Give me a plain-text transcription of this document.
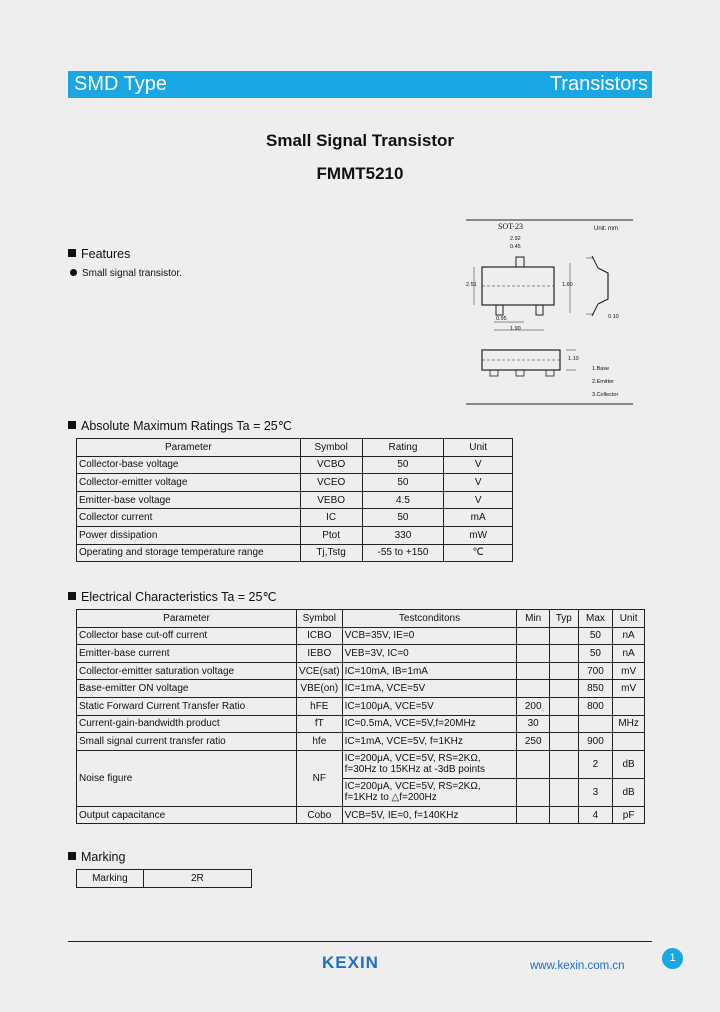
SMD Type	Transistors
Small Signal Transistor
FMMT5210
Features
Small signal transistor.
SOT-23	Unit: mm
2.92
0.45
2.51	1.60
0.95
1.90
1.10
0.10
1.Base
2.Emitter
3.Collector
Absolute Maximum Ratings Ta = 25℃
Parameter	Symbol	Rating	Unit
Collector-base voltage	VCBO	50	V
Collector-emitter voltage	VCEO	50	V
Emitter-base voltage	VEBO	4.5	V
Collector current	IC	50	mA
Power dissipation	Ptot	330	mW
Operating and storage temperature range	Tj,Tstg	-55 to +150	℃
Electrical Characteristics Ta = 25℃
Parameter	Symbol	Testconditons	Min	Typ	Max	Unit
Collector base cut-off current	ICBO	VCB=35V, IE=0			50	nA
Emitter-base current	IEBO	VEB=3V, IC=0			50	nA
Collector-emitter saturation voltage	VCE(sat)	IC=10mA, IB=1mA			700	mV
Base-emitter ON voltage	VBE(on)	IC=1mA, VCE=5V			850	mV
Static Forward Current Transfer Ratio	hFE	IC=100μA, VCE=5V	200		800	
Current-gain-bandwidth product	fT	IC=0.5mA, VCE=5V,f=20MHz	30			MHz
Small signal current transfer ratio	hfe	IC=1mA, VCE=5V, f=1KHz	250		900	
Noise figure	NF	IC=200μA, VCE=5V, RS=2KΩ,
f=30Hz to 15KHz at -3dB points			2	dB

		IC=200μA, VCE=5V, RS=2KΩ,
f=1KHz to △f=200Hz			3	dB
Output capacitance	Cobo	VCB=5V, IE=0, f=140KHz			4	pF
Marking
Marking	2R
KEXIN	www.kexin.com.cn
1
